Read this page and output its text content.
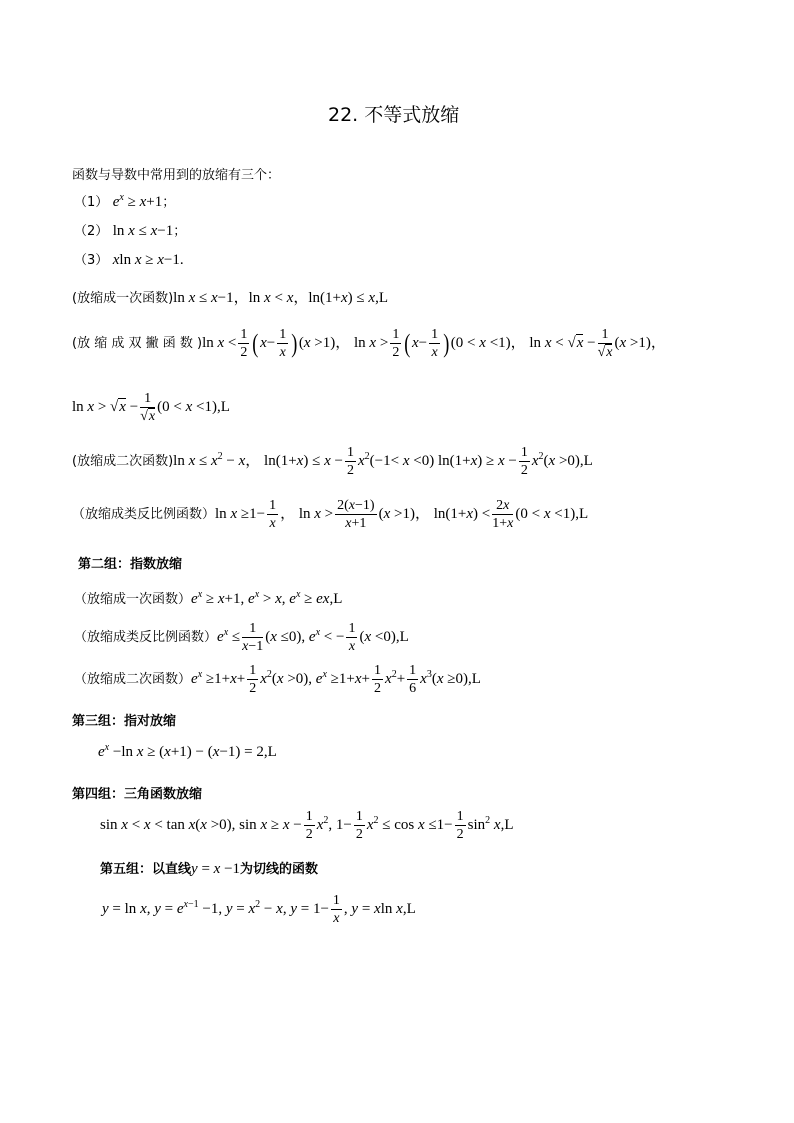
22. 不等式放缩
函数与导数中常用到的放缩有三个：
（1） $e^x \ge x+1$；
（2） ln x ≤ x−1；
（3） xln x ≥ x−1.
(放缩成一次函数)ln x ≤ x−1，ln x < x，ln(1+x) ≤ x,L
(放 缩 成 双 撇 函 数 )ln $x < \frac{1}{2} (x- \frac{1}{x} )(x >1)$， $\ln x > \frac{1}{2} (x- \frac{1}{x} )(0 < x <1)$， $\ln x < √x - \frac{1}{√x} (x >1)$，
$\ln x > √x - \frac{1}{√x} (0 < x <1),L$
(放缩成二次函数)ln $x \le x^2 - x$， $\ln(1+x) \le x - \frac{1}{2} x^2(-1< x <0) \ln(1+x) \ge x - \frac{1}{2} x^2(x >0),L$
（放缩成类反比例函数）ln $x \ge 1- \frac{1}{x}$ ， $\ln x > \frac{2(x-1)}{x+1} (x >1)$， $\ln(1+x) < \frac{2x}{1+x} (0 < x <1),L$
第二组：指数放缩
（放缩成一次函数）$e^x \ge x+1$, $e^x > x$, $e^x \ge ex,L$
（放缩成类反比例函数）$e^x \le \frac{1}{x-1} (x \le 0)$, $e^x$ < − $\frac{1}{x} (x <0),L$
（放缩成二次函数）$e^x \ge 1+x+ \frac{1}{2} x^2(x >0)$, $e^x \ge 1+x+ \frac{1}{2} x^2+ \frac{1}{6} x^3(x \ge 0),L$
第三组：指对放缩
$e^x -\ln$ x ≥ (x+1) − (x−1) = 2,L
第四组：三角函数放缩
sin x < x < tan x(x >0), $\sin x \ge x - \frac{1}{2} x^2$, $1- \frac{1}{2} x^2 \le \cos x \le 1- \frac{1}{2} \sin^2 x,L$
第五组：以直线y = x −1为切线的函数
y = ln x, $y = e^{x-1} -1$, $y = x^2 - x$, $y = 1- \frac{1}{x}$ , y = xln x,L
